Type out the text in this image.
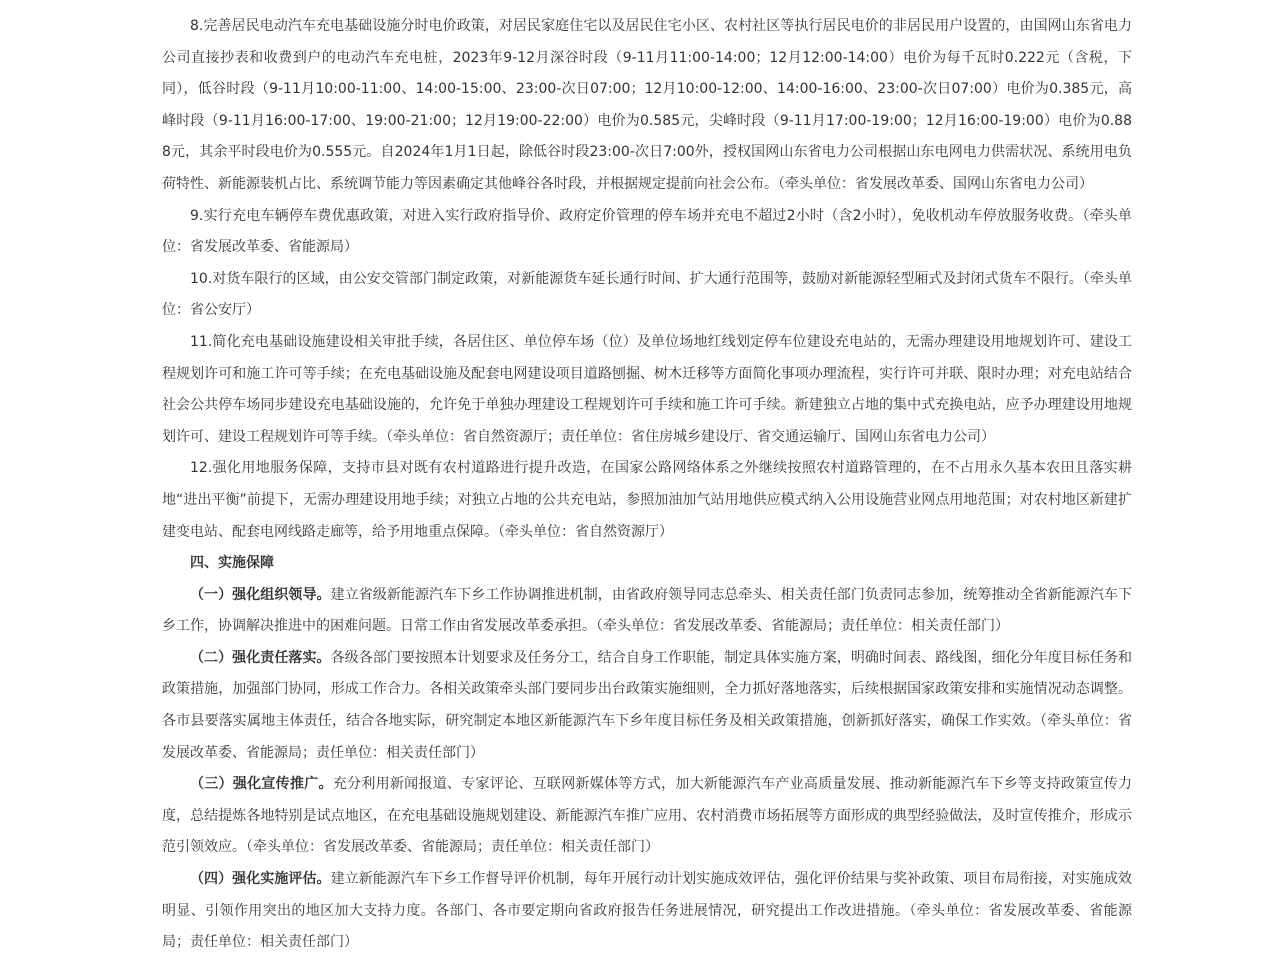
8.完善居民电动汽车充电基础设施分时电价政策，对居民家庭住宅以及居民住宅小区、农村社区等执行居民电价的非居民用户设置的，由国网山东省电力公司直接抄表和收费到户的电动汽车充电桩，2023年9-12月深谷时段（9-11月11:00-14:00；12月12:00-14:00）电价为每千瓦时0.222元（含税，下同），低谷时段（9-11月10:00-11:00、14:00-15:00、23:00-次日07:00；12月10:00-12:00、14:00-16:00、23:00-次日07:00）电价为0.385元，高峰时段（9-11月16:00-17:00、19:00-21:00；12月19:00-22:00）电价为0.585元，尖峰时段（9-11月17:00-19:00；12月16:00-19:00）电价为0.888元，其余平时段电价为0.555元。自2024年1月1日起，除低谷时段23:00-次日7:00外，授权国网山东省电力公司根据山东电网电力供需状况、系统用电负荷特性、新能源装机占比、系统调节能力等因素确定其他峰谷各时段，并根据规定提前向社会公布。（牵头单位：省发展改革委、国网山东省电力公司）

9.实行充电车辆停车费优惠政策，对进入实行政府指导价、政府定价管理的停车场并充电不超过2小时（含2小时），免收机动车停放服务收费。（牵头单位：省发展改革委、省能源局）

10.对货车限行的区域，由公安交管部门制定政策，对新能源货车延长通行时间、扩大通行范围等，鼓励对新能源轻型厢式及封闭式货车不限行。（牵头单位：省公安厅）

11.简化充电基础设施建设相关审批手续，各居住区、单位停车场（位）及单位场地红线划定停车位建设充电站的，无需办理建设用地规划许可、建设工程规划许可和施工许可等手续；在充电基础设施及配套电网建设项目道路刨掘、树木迁移等方面简化事项办理流程，实行许可并联、限时办理；对充电站结合社会公共停车场同步建设充电基础设施的，允许免于单独办理建设工程规划许可手续和施工许可手续。新建独立占地的集中式充换电站，应予办理建设用地规划许可、建设工程规划许可等手续。（牵头单位：省自然资源厅；责任单位：省住房城乡建设厅、省交通运输厅、国网山东省电力公司）

12.强化用地服务保障，支持市县对既有农村道路进行提升改造，在国家公路网络体系之外继续按照农村道路管理的，在不占用永久基本农田且落实耕地“进出平衡”前提下，无需办理建设用地手续；对独立占地的公共充电站，参照加油加气站用地供应模式纳入公用设施营业网点用地范围；对农村地区新建扩建变电站、配套电网线路走廊等，给予用地重点保障。（牵头单位：省自然资源厅）

四、实施保障

（一）强化组织领导。建立省级新能源汽车下乡工作协调推进机制，由省政府领导同志总牵头、相关责任部门负责同志参加，统筹推动全省新能源汽车下乡工作，协调解决推进中的困难问题。日常工作由省发展改革委承担。（牵头单位：省发展改革委、省能源局；责任单位：相关责任部门）

（二）强化责任落实。各级各部门要按照本计划要求及任务分工，结合自身工作职能，制定具体实施方案，明确时间表、路线图，细化分年度目标任务和政策措施，加强部门协同，形成工作合力。各相关政策牵头部门要同步出台政策实施细则，全力抓好落地落实，后续根据国家政策安排和实施情况动态调整。各市县要落实属地主体责任，结合各地实际，研究制定本地区新能源汽车下乡年度目标任务及相关政策措施，创新抓好落实，确保工作实效。（牵头单位：省发展改革委、省能源局；责任单位：相关责任部门）

（三）强化宣传推广。充分利用新闻报道、专家评论、互联网新媒体等方式，加大新能源汽车产业高质量发展、推动新能源汽车下乡等支持政策宣传力度，总结提炼各地特别是试点地区，在充电基础设施规划建设、新能源汽车推广应用、农村消费市场拓展等方面形成的典型经验做法，及时宣传推介，形成示范引领效应。（牵头单位：省发展改革委、省能源局；责任单位：相关责任部门）

（四）强化实施评估。建立新能源汽车下乡工作督导评价机制，每年开展行动计划实施成效评估，强化评价结果与奖补政策、项目布局衔接，对实施成效明显、引领作用突出的地区加大支持力度。各部门、各市要定期向省政府报告任务进展情况，研究提出工作改进措施。（牵头单位：省发展改革委、省能源局；责任单位：相关责任部门）
